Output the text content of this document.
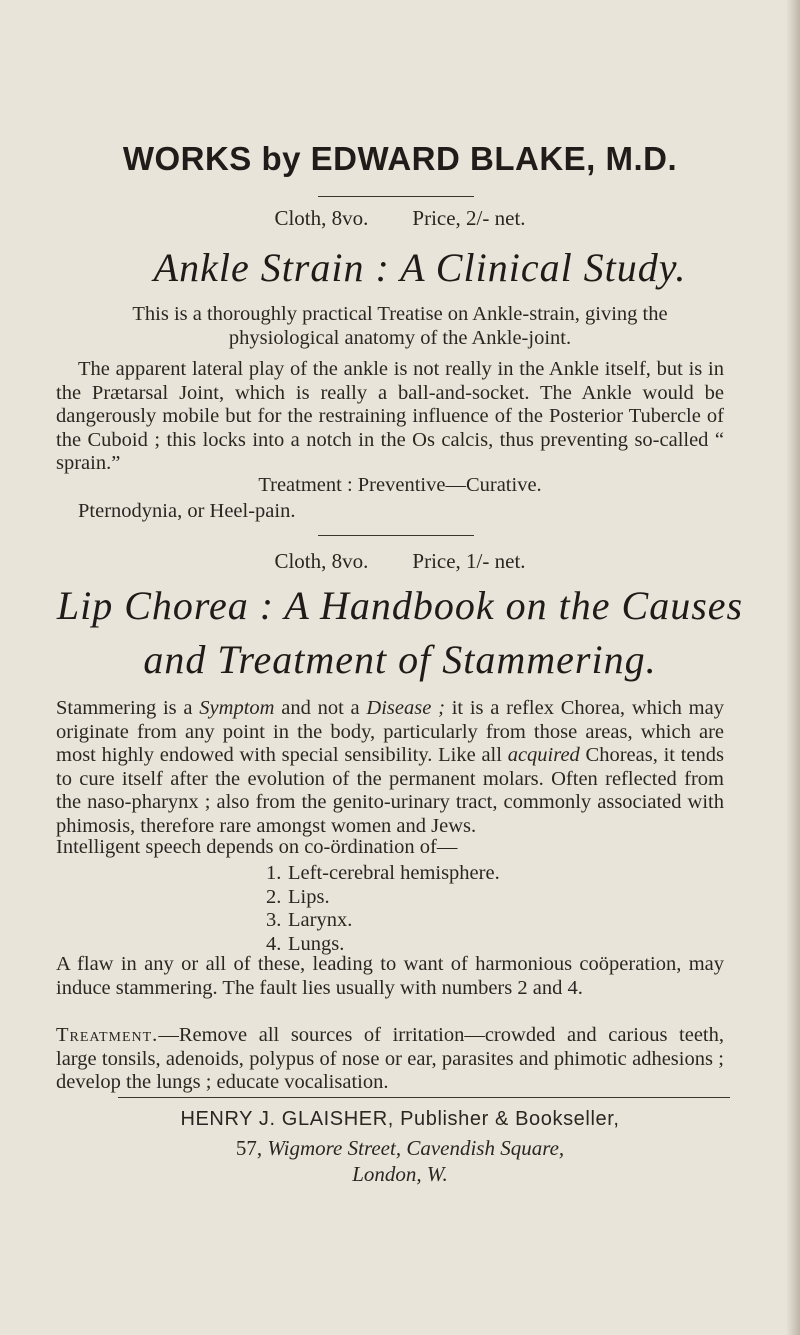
WORKS by EDWARD BLAKE, M.D.
Cloth, 8vo. Price, 2/- net.
Ankle Strain : A Clinical Study.

This is a thoroughly practical Treatise on Ankle-strain, giving the physiological anatomy of the Ankle-joint.

The apparent lateral play of the ankle is not really in the Ankle itself, but is in the Prætarsal Joint, which is really a ball-and-socket. The Ankle would be dangerously mobile but for the restraining influence of the Posterior Tubercle of the Cuboid ; this locks into a notch in the Os calcis, thus preventing so-called “ sprain.”

Treatment : Preventive—Curative.
Pternodynia, or Heel-pain.
Cloth, 8vo. Price, 1/- net.
Lip Chorea : A Handbook on the Causes
and Treatment of Stammering.

Stammering is a Symptom and not a Disease ; it is a reflex Chorea, which may originate from any point in the body, particularly from those areas, which are most highly endowed with special sensibility. Like all acquired Choreas, it tends to cure itself after the evolution of the permanent molars. Often reflected from the naso-pharynx ; also from the genito-urinary tract, commonly associated with phimosis, therefore rare amongst women and Jews.

Intelligent speech depends on co-ördination of—
1. Left-cerebral hemisphere.
2. Lips.
3. Larynx.
4. Lungs.

A flaw in any or all of these, leading to want of harmonious coöperation, may induce stammering. The fault lies usually with numbers 2 and 4.

Treatment.—Remove all sources of irritation—crowded and carious teeth, large tonsils, adenoids, polypus of nose or ear, parasites and phimotic adhesions ; develop the lungs ; educate vocalisation.

HENRY J. GLAISHER, Publisher & Bookseller,
57, Wigmore Street, Cavendish Square,
London, W.
